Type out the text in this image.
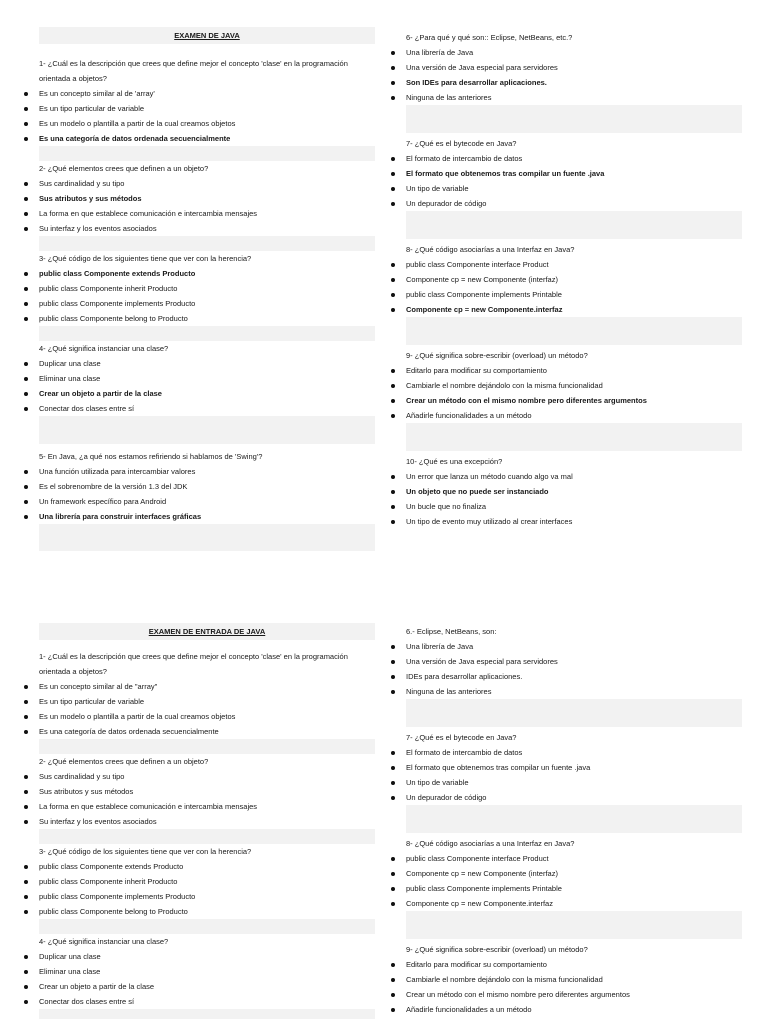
EXAMEN DE JAVA

1- ¿Cuál es la descripción que crees que define mejor el concepto 'clase' en la programación orientada a objetos?

Es un concepto similar al de 'array'
Es un tipo particular de variable
Es un modelo o plantilla a partir de la cual creamos objetos
Es una categoría de datos ordenada secuencialmente

2- ¿Qué elementos crees que definen a un objeto?

Sus cardinalidad y su tipo
Sus atributos y sus métodos
La forma en que establece comunicación e intercambia mensajes
Su interfaz y los eventos asociados

3- ¿Qué código de los siguientes tiene que ver con la herencia?

public class Componente extends Producto
public class Componente inherit Producto
public class Componente implements Producto
public class Componente belong to Producto

4- ¿Qué significa instanciar una clase?

Duplicar una clase
Eliminar una clase
Crear un objeto a partir de la clase
Conectar dos clases entre sí

5- En Java, ¿a qué nos estamos refiriendo si hablamos de 'Swing'?

Una función utilizada para intercambiar valores
Es el sobrenombre de la versión 1.3 del JDK
Un framework específico para Android
Una librería para construir interfaces gráficas

6- ¿Para qué y qué son:: Eclipse, NetBeans, etc.?

Una librería de Java
Una versión de Java especial para servidores
Son IDEs para desarrollar aplicaciones.
Ninguna de las anteriores

7- ¿Qué es el bytecode en Java?

El formato de intercambio de datos
El formato que obtenemos tras compilar un fuente .java
Un tipo de variable
Un depurador de código

8- ¿Qué código asociarías a una Interfaz en Java?

public class Componente interface Product
Componente cp = new Componente (interfaz)
public class Componente implements Printable
Componente cp = new Componente.interfaz

9- ¿Qué significa sobre-escribir (overload) un método?

Editarlo para modificar su comportamiento
Cambiarle el nombre dejándolo con la misma funcionalidad
Crear un método con el mismo nombre pero diferentes argumentos
Añadirle funcionalidades a un método

10- ¿Qué es una excepción?

Un error que lanza un método cuando algo va mal
Un objeto que no puede ser instanciado
Un bucle que no finaliza
Un tipo de evento muy utilizado al crear interfaces
EXAMEN DE ENTRADA DE JAVA

1- ¿Cuál es la descripción que crees que define mejor el concepto 'clase' en la programación orientada a objetos?

Es un concepto similar al de "array"
Es un tipo particular de variable
Es un modelo o plantilla a partir de la cual creamos objetos
Es una categoría de datos ordenada secuencialmente

2- ¿Qué elementos crees que definen a un objeto?

Sus cardinalidad y su tipo
Sus atributos y sus métodos
La forma en que establece comunicación e intercambia mensajes
Su interfaz y los eventos asociados

3- ¿Qué código de los siguientes tiene que ver con la herencia?

public class Componente extends Producto
public class Componente inherit Producto
public class Componente implements Producto
public class Componente belong to Producto

4- ¿Qué significa instanciar una clase?

Duplicar una clase
Eliminar una clase
Crear un objeto a partir de la clase
Conectar dos clases entre sí

6.- Eclipse, NetBeans, son:

Una librería de Java
Una versión de Java especial para servidores
IDEs para desarrollar aplicaciones.
Ninguna de las anteriores

7- ¿Qué es el bytecode en Java?

El formato de intercambio de datos
El formato que obtenemos tras compilar un fuente .java
Un tipo de variable
Un depurador de código

8- ¿Qué código asociarías a una Interfaz en Java?

public class Componente interface Product
Componente cp = new Componente (interfaz)
public class Componente implements Printable
Componente cp = new Componente.interfaz

9- ¿Qué significa sobre-escribir (overload) un método?

Editarlo para modificar su comportamiento
Cambiarle el nombre dejándolo con la misma funcionalidad
Crear un método con el mismo nombre pero diferentes argumentos
Añadirle funcionalidades a un método
